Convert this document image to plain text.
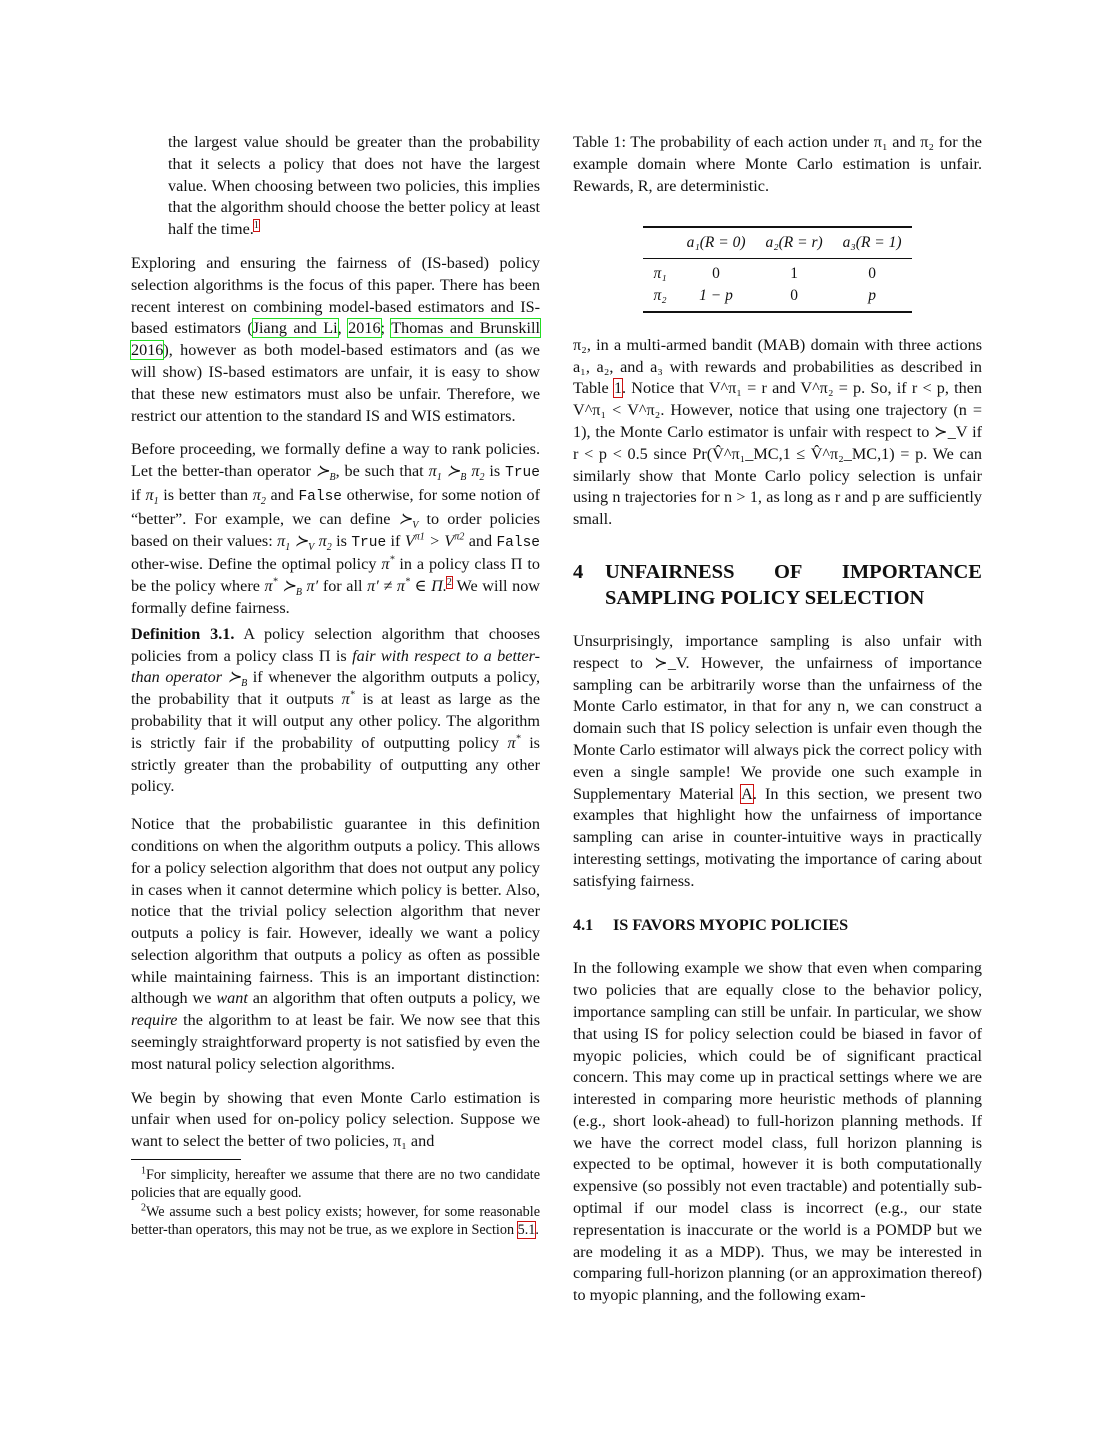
the largest value should be greater than the probability that it selects a policy that does not have the largest value. When choosing between two policies, this implies that the algorithm should choose the better policy at least half the time.$^1$

Exploring and ensuring the fairness of (IS-based) policy selection algorithms is the focus of this paper. There has been recent interest on combining model-based estimators and IS-based estimators (Jiang and Li, 2016; Thomas and Brunskill 2016), however as both model-based estimators and (as we will show) IS-based estimators are unfair, it is easy to show that these new estimators must also be unfair. Therefore, we restrict our attention to the standard IS and WIS estimators.

Before proceeding, we formally define a way to rank policies. Let the better-than operator $≻_B$, be such that $\pi_1$ $≻_B$ $\pi_2$ is True if $\pi_1$ is better than $\pi_2$ and False otherwise, for some notion of “better”. For example, we can define $≻_V$ to order policies based on their values: $\pi_1$ $≻_V$ $\pi_2$ is True if $V^{\pi 1} > V^{\pi 2}$ and False other-wise. Define the optimal policy π* in a policy class Π to be the policy where π* $≻_B$ π′ for all π′ ≠ π* ∈ Π.$^2$ We will now formally define fairness.

Definition 3.1. A policy selection algorithm that chooses policies from a policy class Π is fair with respect to a better-than operator $≻_B$ if whenever the algorithm outputs a policy, the probability that it outputs π* is at least as large as the probability that it will output any other policy. The algorithm is strictly fair if the probability of outputting policy π* is strictly greater than the probability of outputting any other policy.

Notice that the probabilistic guarantee in this definition conditions on when the algorithm outputs a policy. This allows for a policy selection algorithm that does not output any policy in cases when it cannot determine which policy is better. Also, notice that the trivial policy selection algorithm that never outputs a policy is fair. However, ideally we want a policy selection algorithm that outputs a policy as often as possible while maintaining fairness. This is an important distinction: although we want an algorithm that often outputs a policy, we require the algorithm to at least be fair. We now see that this seemingly straightforward property is not satisfied by even the most natural policy selection algorithms.

We begin by showing that even Monte Carlo estimation is unfair when used for on-policy policy selection. Suppose we want to select the better of two policies, π₁ and

$^1$For simplicity, hereafter we assume that there are no two candidate policies that are equally good.

$^2$We assume such a best policy exists; however, for some reasonable better-than operators, this may not be true, as we explore in Section 5.1.

Table 1: The probability of each action under π₁ and π₂ for the example domain where Monte Carlo estimation is unfair. Rewards, R, are deterministic.

	a₁(R = 0)	a₂(R = r)	a₃(R = 1)
π₁	0	1	0
π₂	1 − p	0	p

π₂, in a multi-armed bandit (MAB) domain with three actions a₁, a₂, and a₃ with rewards and probabilities as described in Table 1. Notice that V^π₁ = r and V^π₂ = p. So, if r < p, then V^π₁ < V^π₂. However, notice that using one trajectory (n = 1), the Monte Carlo estimator is unfair with respect to ≻_V if r < p < 0.5 since Pr(V̂^π₁_MC,1 ≤ V̂^π₂_MC,1) = p. We can similarly show that Monte Carlo policy selection is unfair using n trajectories for n > 1, as long as r and p are sufficiently small.

4	UNFAIRNESS OF IMPORTANCE
SAMPLING POLICY SELECTION

Unsurprisingly, importance sampling is also unfair with respect to ≻_V. However, the unfairness of importance sampling can be arbitrarily worse than the unfairness of the Monte Carlo estimator, in that for any n, we can construct a domain such that IS policy selection is unfair even though the Monte Carlo estimator will always pick the correct policy with even a single sample! We provide one such example in Supplementary Material A. In this section, we present two examples that highlight how the unfairness of importance sampling can arise in counter-intuitive ways in practically interesting settings, motivating the importance of caring about satisfying fairness.

4.1	IS FAVORS MYOPIC POLICIES

In the following example we show that even when comparing two policies that are equally close to the behavior policy, importance sampling can still be unfair. In particular, we show that using IS for policy selection could be biased in favor of myopic policies, which could be of significant practical concern. This may come up in practical settings where we are interested in comparing more heuristic methods of planning (e.g., short look-ahead) to full-horizon planning methods. If we have the correct model class, full horizon planning is expected to be optimal, however it is both computationally expensive (so possibly not even tractable) and potentially sub-optimal if our model class is incorrect (e.g., our state representation is inaccurate or the world is a POMDP but we are modeling it as a MDP). Thus, we may be interested in comparing full-horizon planning (or an approximation thereof) to myopic planning, and the following exam-
